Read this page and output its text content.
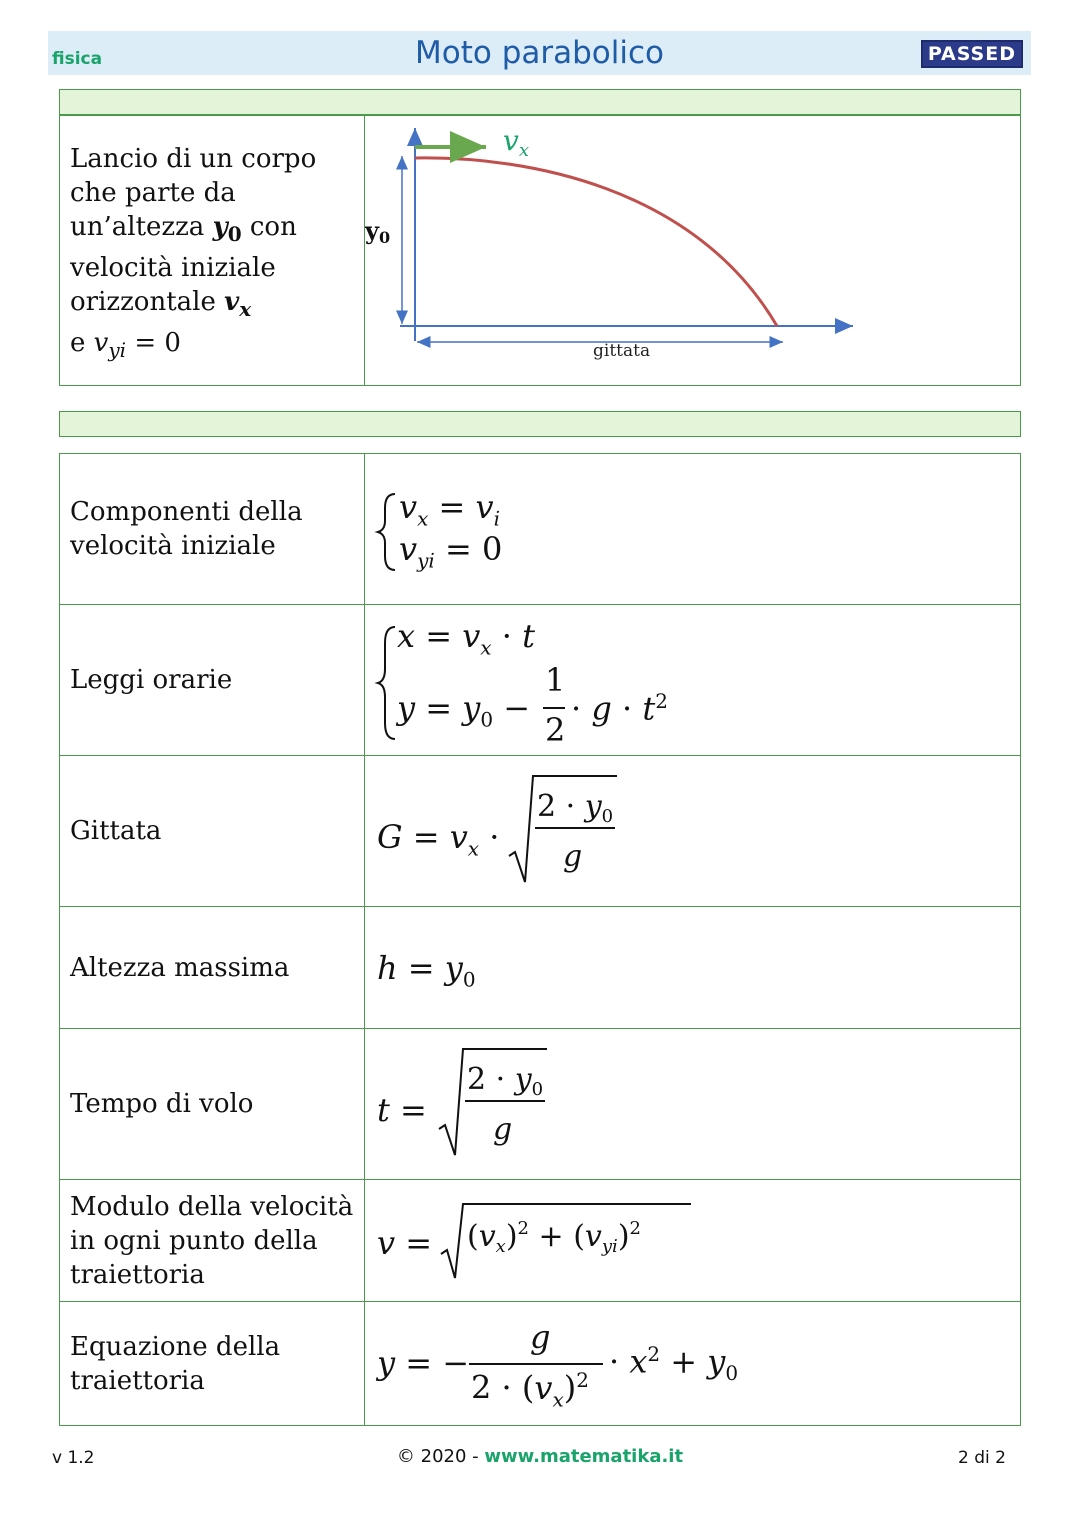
fisica	Moto parabolico	PASSED
Lancio di un corpo
che parte da
un’altezza $y_0$ con
velocità iniziale
orizzontale $v_x$
e $v_{yi} = 0$

$v_x$
y0
gittata
Componenti della velocità iniziale	$v_x = v_i$
$v_{yi} = 0$

Leggi orarie	$x = v_x \cdot t$
$y = y_0$ −
1
2
· $g \cdot t^2$

Gittata	$G = v_x$ ·
$2 \cdot y_0$
g

Altezza massima	$h = y_0$

Tempo di volo	t =
$2 \cdot y_0$
g

Modulo della velocità in ogni punto della traiettoria	$v = (v_x)^2 + (v_{yi})^2$

Equazione della traiettoria	y = −
g
$2 \cdot (v_x)^2 \cdot x^2 + y_0$
v 1.2	© 2020 - www.matematika.it	2 di 2
